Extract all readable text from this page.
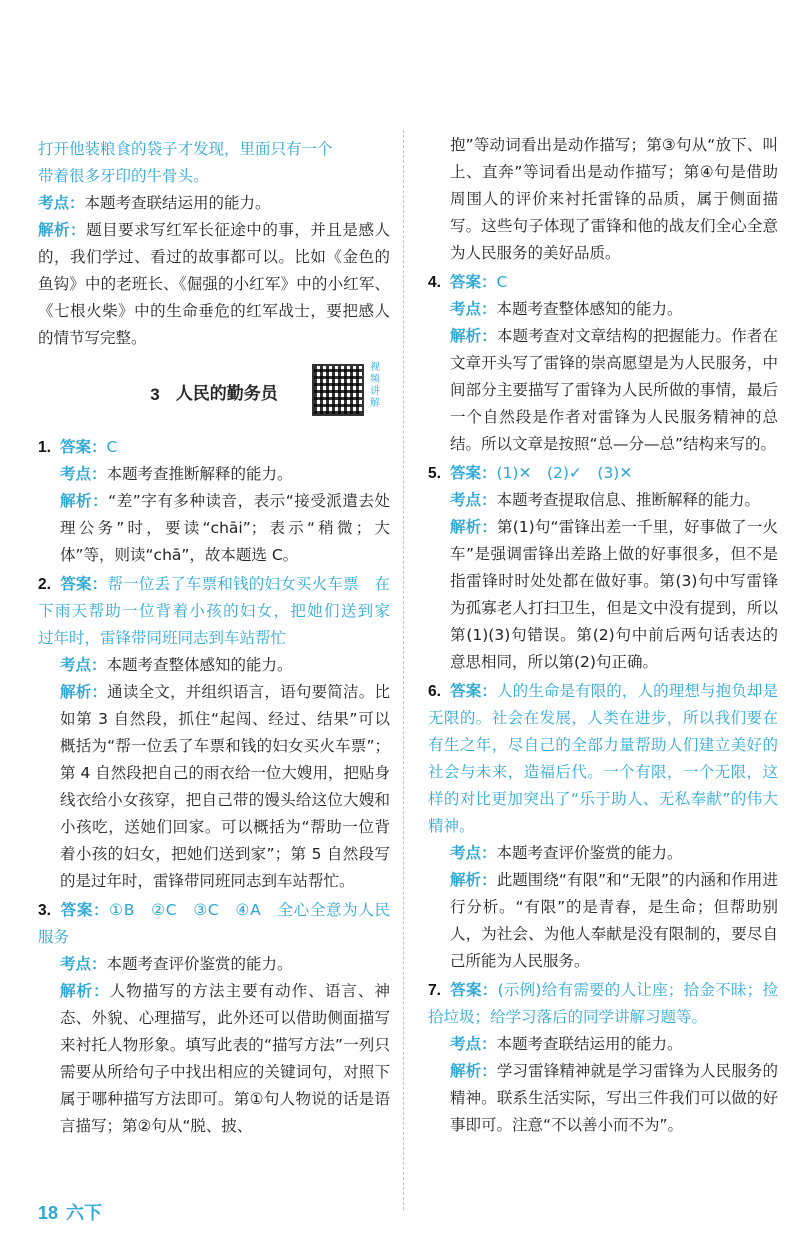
打开他装粮食的袋子才发现，里面只有一个

带着很多牙印的牛骨头。

考点：本题考查联结运用的能力。

解析：题目要求写红军长征途中的事，并且是感人的，我们学过、看过的故事都可以。比如《金色的鱼钩》中的老班长、《倔强的小红军》中的小红军、《七根火柴》中的生命垂危的红军战士，要把感人的情节写完整。

3 人民的勤务员
视频讲解

1. 答案：C

考点：本题考查推断解释的能力。

解析：“差”字有多种读音，表示“接受派遣去处理公务”时，要读“chāi”；表示“稍微；大体”等，则读“chā”，故本题选 C。

2. 答案：帮一位丢了车票和钱的妇女买火车票　在下雨天帮助一位背着小孩的妇女，把她们送到家　过年时，雷锋带同班同志到车站帮忙

考点：本题考查整体感知的能力。

解析：通读全文，并组织语言，语句要简洁。比如第 3 自然段，抓住“起闯、经过、结果”可以概括为“帮一位丢了车票和钱的妇女买火车票”；第 4 自然段把自己的雨衣给一位大嫂用，把贴身线衣给小女孩穿，把自己带的馒头给这位大嫂和小孩吃，送她们回家。可以概括为“帮助一位背着小孩的妇女，把她们送到家”；第 5 自然段写的是过年时，雷锋带同班同志到车站帮忙。

3. 答案：①B　②C　③C　④A　全心全意为人民服务

考点：本题考查评价鉴赏的能力。

解析：人物描写的方法主要有动作、语言、神态、外貌、心理描写，此外还可以借助侧面描写来衬托人物形象。填写此表的“描写方法”一列只需要从所给句子中找出相应的关键词句，对照下属于哪种描写方法即可。第①句人物说的话是语言描写；第②句从“脱、披、

抱”等动词看出是动作描写；第③句从“放下、叫上、直奔”等词看出是动作描写；第④句是借助周围人的评价来衬托雷锋的品质，属于侧面描写。这些句子体现了雷锋和他的战友们全心全意为人民服务的美好品质。

4. 答案：C

考点：本题考查整体感知的能力。

解析：本题考查对文章结构的把握能力。作者在文章开头写了雷锋的崇高愿望是为人民服务，中间部分主要描写了雷锋为人民所做的事情，最后一个自然段是作者对雷锋为人民服务精神的总结。所以文章是按照“总—分—总”结构来写的。

5. 答案：(1)✕　(2)✓　(3)✕

考点：本题考查提取信息、推断解释的能力。

解析：第(1)句“雷锋出差一千里，好事做了一火车”是强调雷锋出差路上做的好事很多，但不是指雷锋时时处处都在做好事。第(3)句中写雷锋为孤寡老人打扫卫生，但是文中没有提到，所以第(1)(3)句错误。第(2)句中前后两句话表达的意思相同，所以第(2)句正确。

6. 答案：人的生命是有限的，人的理想与抱负却是无限的。社会在发展，人类在进步，所以我们要在有生之年，尽自己的全部力量帮助人们建立美好的社会与未来，造福后代。一个有限，一个无限，这样的对比更加突出了“乐于助人、无私奉献”的伟大精神。

考点：本题考查评价鉴赏的能力。

解析：此题围绕“有限”和“无限”的内涵和作用进行分析。“有限”的是青春，是生命；但帮助别人，为社会、为他人奉献是没有限制的，要尽自己所能为人民服务。

7. 答案：(示例)给有需要的人让座；拾金不昧；捡拾垃圾；给学习落后的同学讲解习题等。

考点：本题考查联结运用的能力。

解析：学习雷锋精神就是学习雷锋为人民服务的精神。联系生活实际，写出三件我们可以做的好事即可。注意“不以善小而不为”。

18 六下
